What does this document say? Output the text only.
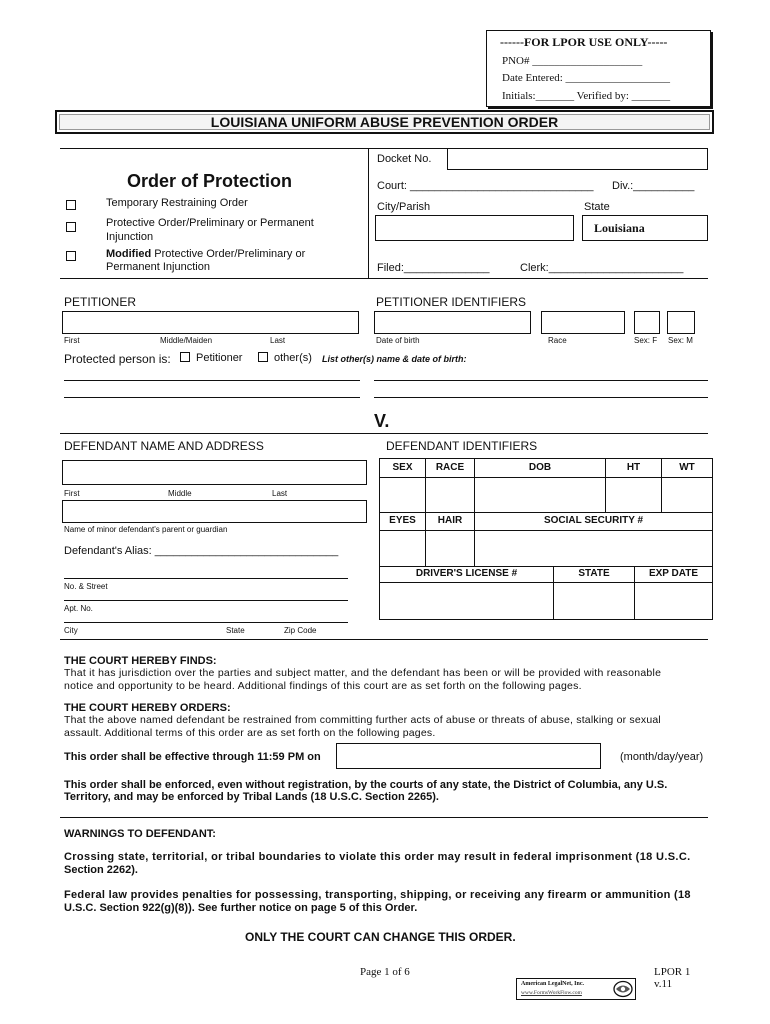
------FOR LPOR USE ONLY-----
PNO# ____________________
Date Entered: ___________________
Initials:_______ Verified by: _______
LOUISIANA UNIFORM ABUSE PREVENTION ORDER
Order of Protection
Temporary Restraining Order
Protective Order/Preliminary or Permanent
Injunction
Modified Protective Order/Preliminary or
Permanent Injunction
Docket No.
Court: ______________________________ Div.:__________
City/Parish	State
Louisiana
Filed:______________	Clerk:______________________
PETITIONER
First	Middle/Maiden	Last
PETITIONER IDENTIFIERS
Date of birth	Race	Sex: F Sex: M
Protected person is: Petitioner	other(s) List other(s) name & date of birth:
V.
DEFENDANT NAME AND ADDRESS
First	Middle	Last
Name of minor defendant's parent or guardian
Defendant's Alias: ______________________________
No. & Street
Apt. No.
City	State	Zip Code
DEFENDANT IDENTIFIERS
SEX	RACE	DOB	HT	WT
EYES	HAIR	SOCIAL SECURITY #
DRIVER'S LICENSE #	STATE	EXP DATE
THE COURT HEREBY FINDS:
That it has jurisdiction over the parties and subject matter, and the defendant has been or will be provided with reasonable
notice and opportunity to be heard. Additional findings of this court are as set forth on the following pages.
THE COURT HEREBY ORDERS:
That the above named defendant be restrained from committing further acts of abuse or threats of abuse, stalking or sexual
assault. Additional terms of this order are as set forth on the following pages.
This order shall be effective through 11:59 PM on	(month/day/year)
This order shall be enforced, even without registration, by the courts of any state, the District of Columbia, any U.S.
Territory, and may be enforced by Tribal Lands (18 U.S.C. Section 2265).
WARNINGS TO DEFENDANT:
Crossing state, territorial, or tribal boundaries to violate this order may result in federal imprisonment (18 U.S.C.
Section 2262).
Federal law provides penalties for possessing, transporting, shipping, or receiving any firearm or ammunition (18
U.S.C. Section 922(g)(8)). See further notice on page 5 of this Order.
ONLY THE COURT CAN CHANGE THIS ORDER.
Page 1 of 6	LPOR 1
v.11
American LegalNet, Inc.
www.FormsWorkFlow.com
